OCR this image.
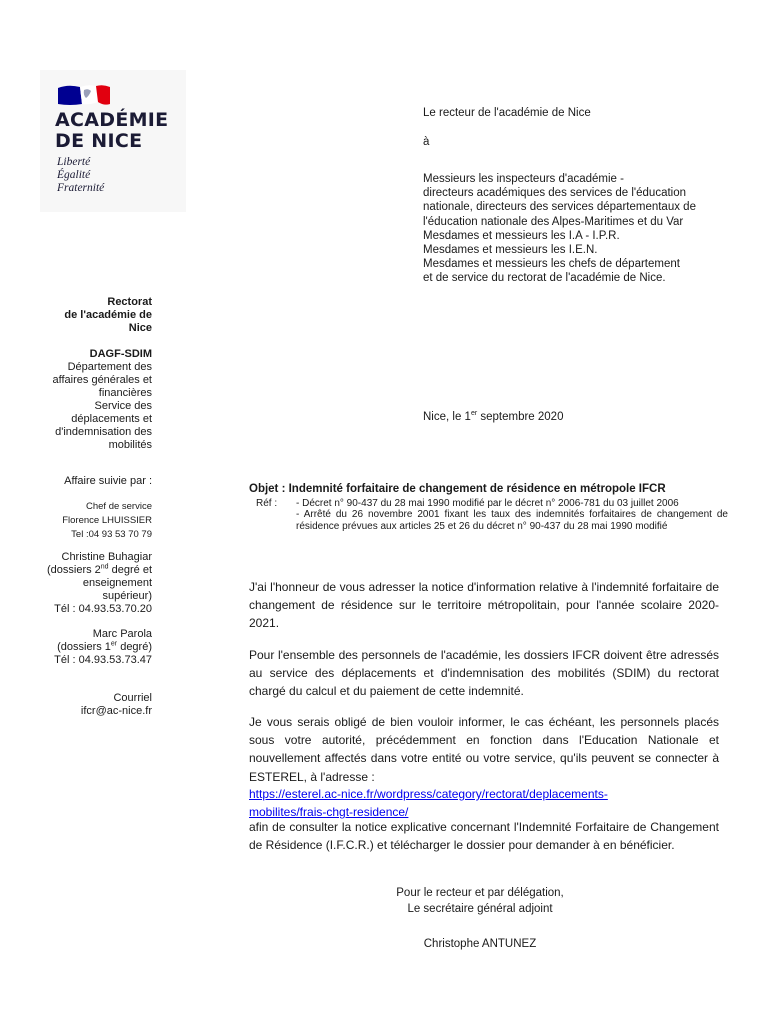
ACADÉMIE
DE NICE
Liberté
Égalité
Fraternité
Le recteur de l'académie de Nice
à
Messieurs les inspecteurs d'académie -
directeurs académiques des services de l'éducation
nationale, directeurs des services départementaux de
l'éducation nationale des Alpes-Maritimes et du Var
Mesdames et messieurs les I.A - I.P.R.
Mesdames et messieurs les I.E.N.
Mesdames et messieurs les chefs de département
et de service du rectorat de l'académie de Nice.
Rectorat
de l'académie de
Nice
DAGF-SDIM
Département des
affaires générales et
financières
Service des
déplacements et
d'indemnisation des
mobilités
Affaire suivie par :
Chef de service
Florence LHUISSIER
Tel :04 93 53 70 79
Christine Buhagiar
(dossiers 2nd degré et
enseignement
supérieur)
Tél : 04.93.53.70.20
Marc Parola
(dossiers 1er degré)
Tél : 04.93.53.73.47
Courriel
ifcr@ac-nice.fr
Nice, le 1er septembre 2020
Objet : Indemnité forfaitaire de changement de résidence en métropole IFCR
Réf : - Décret n° 90-437 du 28 mai 1990 modifié par le décret n° 2006-781 du 03 juillet 2006
- Arrêté du 26 novembre 2001 fixant les taux des indemnités forfaitaires de changement de résidence prévues aux articles 25 et 26 du décret n° 90-437 du 28 mai 1990 modifié
J'ai l'honneur de vous adresser la notice d'information relative à l'indemnité forfaitaire de changement de résidence sur le territoire métropolitain, pour l'année scolaire 2020-2021.
Pour l'ensemble des personnels de l'académie, les dossiers IFCR doivent être adressés au service des déplacements et d'indemnisation des mobilités (SDIM) du rectorat chargé du calcul et du paiement de cette indemnité.
Je vous serais obligé de bien vouloir informer, le cas échéant, les personnels placés sous votre autorité, précédemment en fonction dans l'Education Nationale et nouvellement affectés dans votre entité ou votre service, qu'ils peuvent se connecter à ESTEREL, à l'adresse :
https://esterel.ac-nice.fr/wordpress/category/rectorat/deplacements-
mobilites/frais-chgt-residence/
afin de consulter la notice explicative concernant l'Indemnité Forfaitaire de Changement de Résidence (I.F.C.R.) et télécharger le dossier pour demander à en bénéficier.
Pour le recteur et par délégation,
Le secrétaire général adjoint
Christophe ANTUNEZ
